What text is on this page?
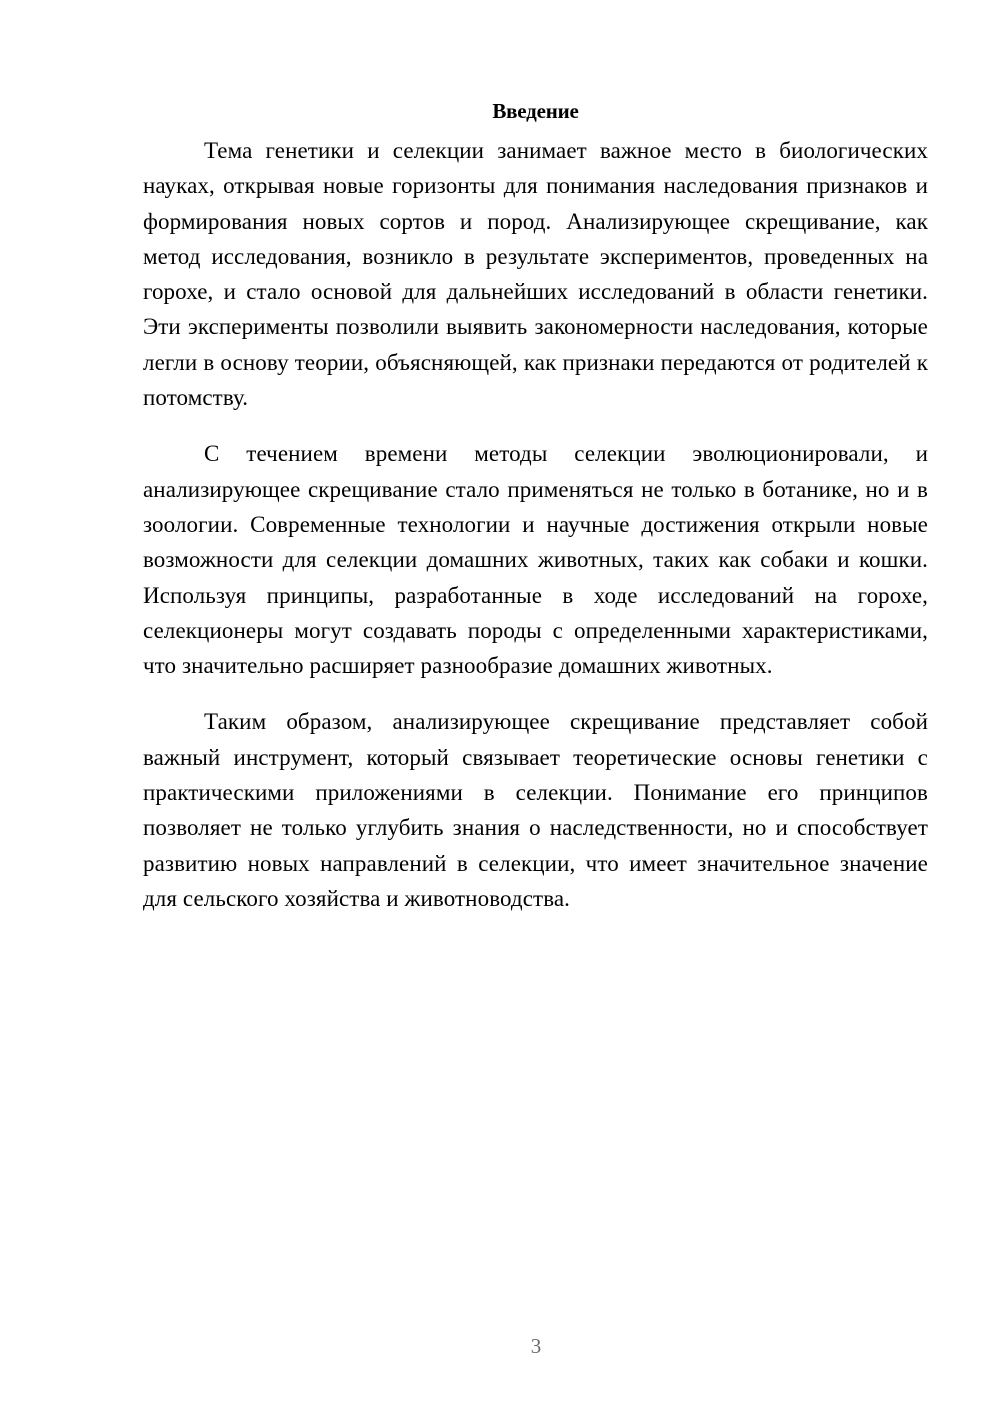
Введение

Тема генетики и селекции занимает важное место в биологических науках, открывая новые горизонты для понимания наследования признаков и формирования новых сортов и пород. Анализирующее скрещивание, как метод исследования, возникло в результате экспериментов, проведенных на горохе, и стало основой для дальнейших исследований в области генетики. Эти эксперименты позволили выявить закономерности наследования, которые легли в основу теории, объясняющей, как признаки передаются от родителей к потомству.

С течением времени методы селекции эволюционировали, и анализирующее скрещивание стало применяться не только в ботанике, но и в зоологии. Современные технологии и научные достижения открыли новые возможности для селекции домашних животных, таких как собаки и кошки. Используя принципы, разработанные в ходе исследований на горохе, селекционеры могут создавать породы с определенными характеристиками, что значительно расширяет разнообразие домашних животных.

Таким образом, анализирующее скрещивание представляет собой важный инструмент, который связывает теоретические основы генетики с практическими приложениями в селекции. Понимание его принципов позволяет не только углубить знания о наследственности, но и способствует развитию новых направлений в селекции, что имеет значительное значение для сельского хозяйства и животноводства.

3
